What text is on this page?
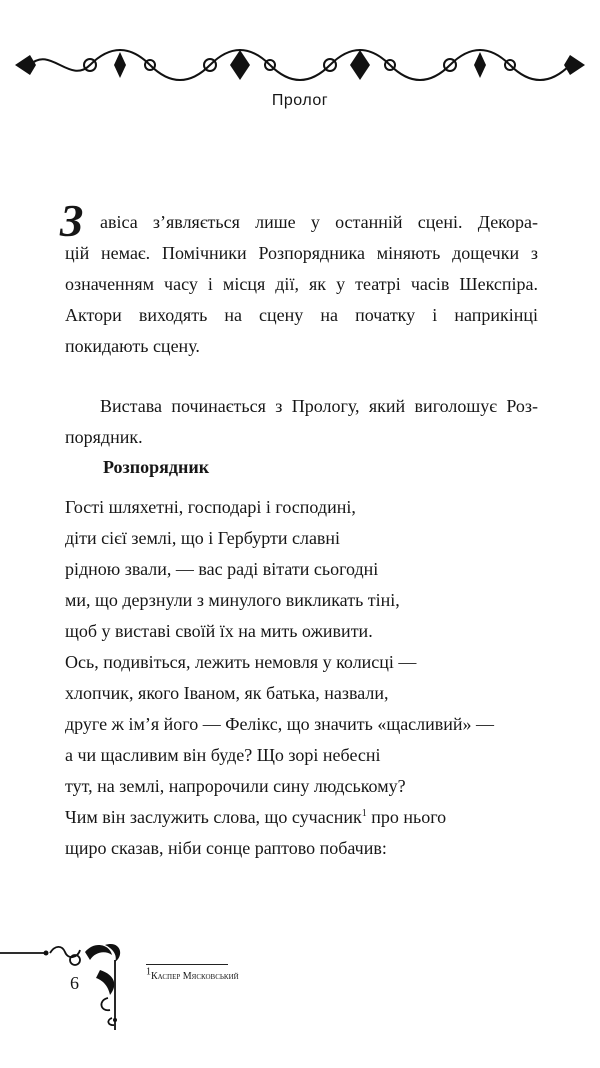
Пролог
З авіса з’являється лише у останній сцені. Декора-
цій немає. Помічники Розпорядника міняють дощечки з
означенням часу і місця дії, як у театрі часів Шекспіра.
Актори виходять на сцену на початку і наприкінці
покидають сцену.
Вистава починається з Прологу, який виголошує Роз-
порядник.
Розпорядник
Гості шляхетні, господарі і господині,
діти сієї землі, що і Гербурти славні
рідною звали, — вас раді вітати сьогодні
ми, що дерзнули з минулого викликать тіні,
щоб у виставі своїй їх на мить оживити.
Ось, подивіться, лежить немовля у колисці —
хлопчик, якого Іваном, як батька, назвали,
друге ж ім’я його — Фелікс, що значить «щасливий» —
а чи щасливим він буде? Що зорі небесні
тут, на землі, напророчили сину людському?
Чим він заслужить слова, що сучасник$^1$ про нього
щиро сказав, ніби сонце раптово побачив:
6
$^1$Каспер Мясковський
